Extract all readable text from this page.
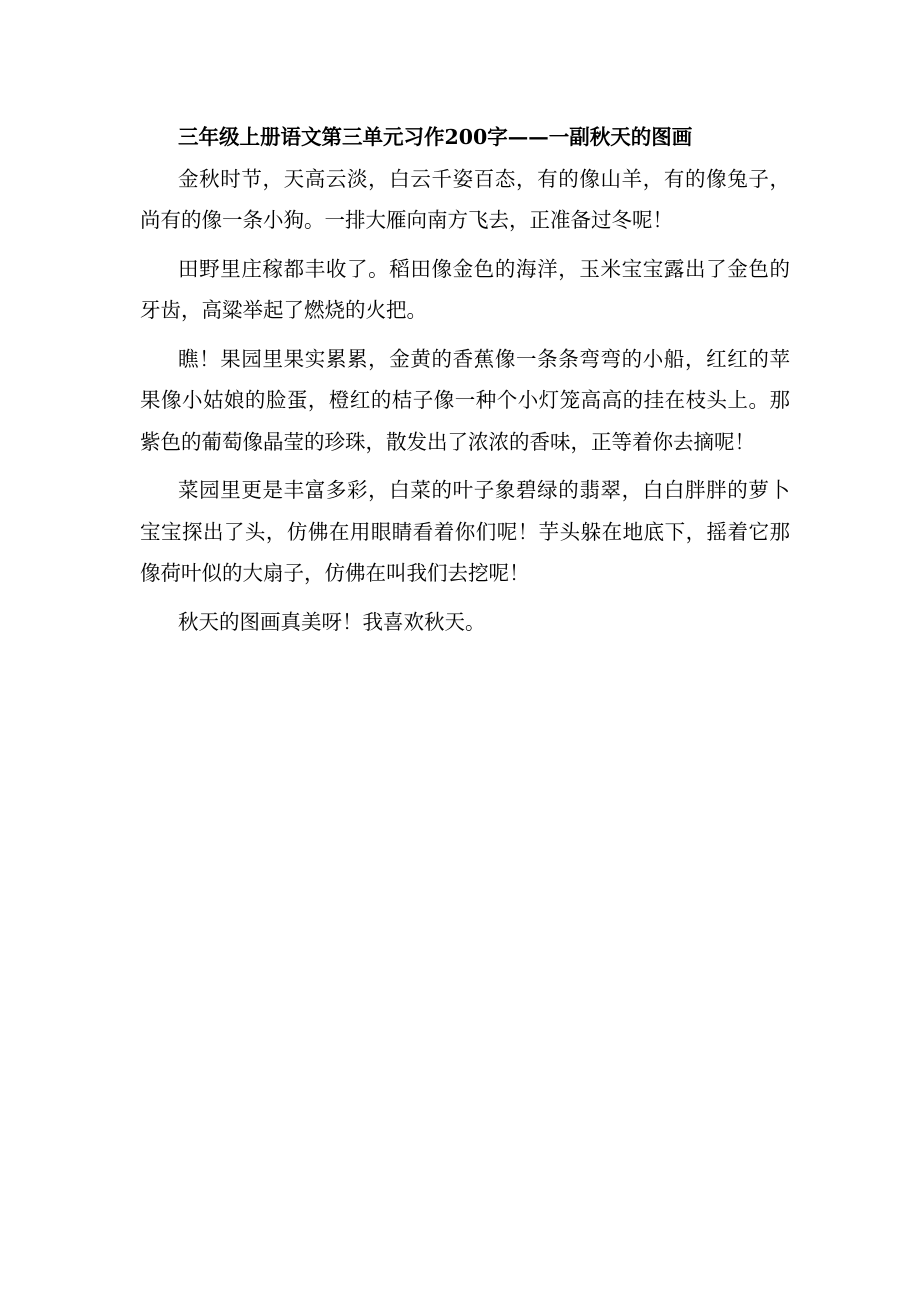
三年级上册语文第三单元习作200字——一副秋天的图画

金秋时节，天高云淡，白云千姿百态，有的像山羊，有的像兔子，尚有的像一条小狗。一排大雁向南方飞去，正准备过冬呢！

田野里庄稼都丰收了。稻田像金色的海洋，玉米宝宝露出了金色的牙齿，高粱举起了燃烧的火把。

瞧！果园里果实累累，金黄的香蕉像一条条弯弯的小船，红红的苹果像小姑娘的脸蛋，橙红的桔子像一种个小灯笼高高的挂在枝头上。那紫色的葡萄像晶莹的珍珠，散发出了浓浓的香味，正等着你去摘呢！

菜园里更是丰富多彩，白菜的叶子象碧绿的翡翠，白白胖胖的萝卜宝宝探出了头，仿佛在用眼睛看着你们呢！芋头躲在地底下，摇着它那像荷叶似的大扇子，仿佛在叫我们去挖呢！

秋天的图画真美呀！我喜欢秋天。
